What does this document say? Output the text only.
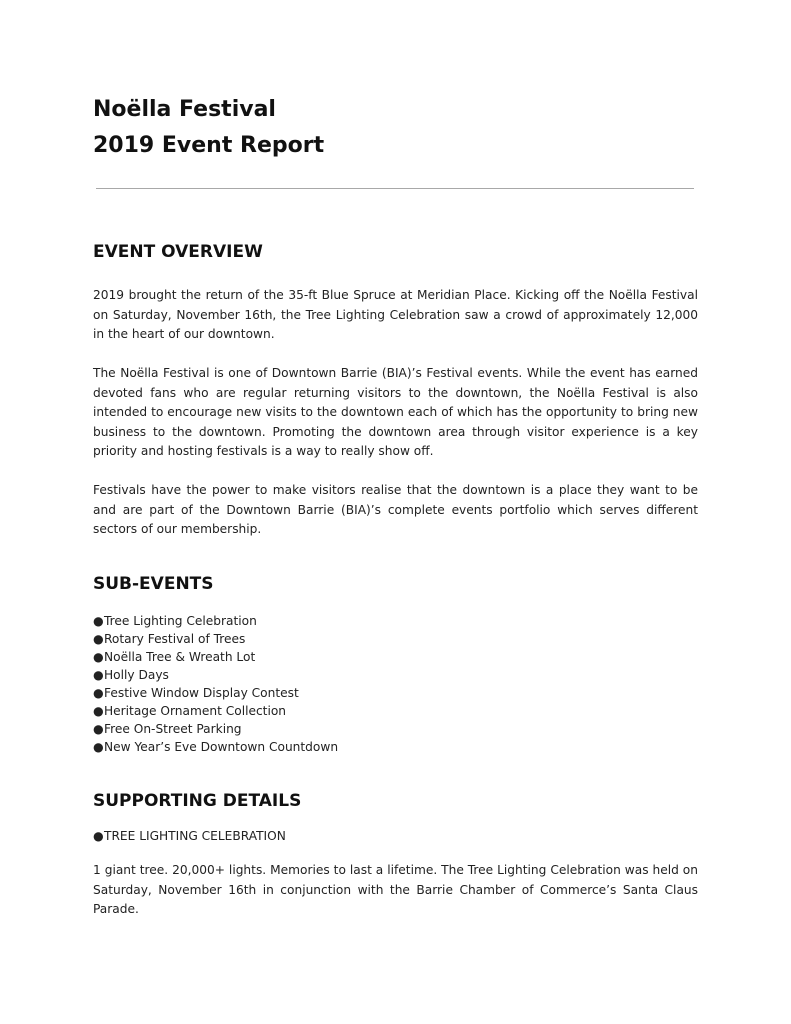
Noëlla Festival
2019 Event Report
EVENT OVERVIEW

2019 brought the return of the 35-ft Blue Spruce at Meridian Place. Kicking off the Noëlla Festival on Saturday, November 16th, the Tree Lighting Celebration saw a crowd of approximately 12,000 in the heart of our downtown.

The Noëlla Festival is one of Downtown Barrie (BIA)’s Festival events. While the event has earned devoted fans who are regular returning visitors to the downtown, the Noëlla Festival is also intended to encourage new visits to the downtown each of which has the opportunity to bring new business to the downtown. Promoting the downtown area through visitor experience is a key priority and hosting festivals is a way to really show off.

Festivals have the power to make visitors realise that the downtown is a place they want to be and are part of the Downtown Barrie (BIA)’s complete events portfolio which serves different sectors of our membership.

SUB-EVENTS
●Tree Lighting Celebration
●Rotary Festival of Trees
●Noëlla Tree & Wreath Lot
●Holly Days
●Festive Window Display Contest
●Heritage Ornament Collection
●Free On-Street Parking
●New Year’s Eve Downtown Countdown
SUPPORTING DETAILS
●TREE LIGHTING CELEBRATION

1 giant tree. 20,000+ lights. Memories to last a lifetime. The Tree Lighting Celebration was held on Saturday, November 16th in conjunction with the Barrie Chamber of Commerce’s Santa Claus Parade.
